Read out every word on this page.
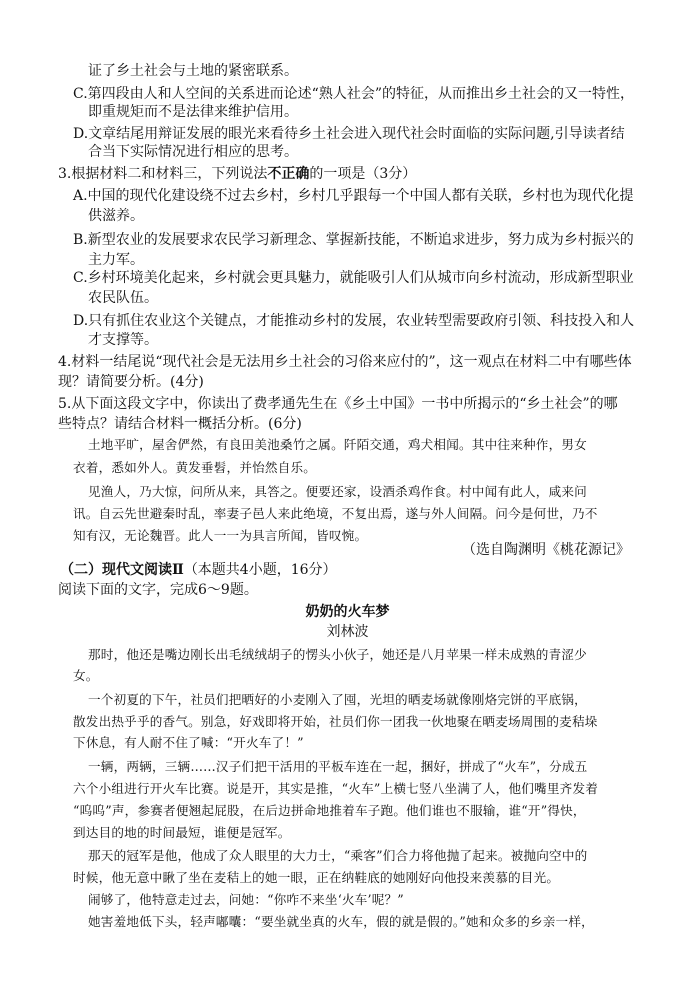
证了乡土社会与土地的紧密联系。
C.第四段由人和人空间的关系进而论述“熟人社会”的特征，从而推出乡土社会的又一特性，
即重规矩而不是法律来维护信用。
D.文章结尾用辩证发展的眼光来看待乡土社会进入现代社会时面临的实际问题,引导读者结
合当下实际情况进行相应的思考。
3.根据材料二和材料三，下列说法不正确的一项是（3分）
A.中国的现代化建设绕不过去乡村，乡村几乎跟每一个中国人都有关联，乡村也为现代化提
供滋养。
B.新型农业的发展要求农民学习新理念、掌握新技能，不断追求进步，努力成为乡村振兴的
主力军。
C.乡村环境美化起来，乡村就会更具魅力，就能吸引人们从城市向乡村流动，形成新型职业
农民队伍。
D.只有抓住农业这个关键点，才能推动乡村的发展，农业转型需要政府引领、科技投入和人
才支撑等。
4.材料一结尾说“现代社会是无法用乡土社会的习俗来应付的”，这一观点在材料二中有哪些体
现？请简要分析。(4分)
5.从下面这段文字中，你读出了费孝通先生在《乡土中国》一书中所揭示的“乡土社会”的哪
些特点？请结合材料一概括分析。(6分)
土地平旷，屋舍俨然，有良田美池桑竹之属。阡陌交通，鸡犬相闻。其中往来种作，男女
衣着，悉如外人。黄发垂髫，并怡然自乐。
见渔人，乃大惊，问所从来，具答之。便要还家，设酒杀鸡作食。村中闻有此人，咸来问
讯。自云先世避秦时乱，率妻子邑人来此绝境，不复出焉，遂与外人间隔。问今是何世，乃不
知有汉，无论魏晋。此人一一为具言所闻，皆叹惋。
（选自陶渊明《桃花源记》
（二）现代文阅读Ⅱ（本题共4小题，16分）
阅读下面的文字，完成6～9题。
奶奶的火车梦
刘林波
那时，他还是嘴边刚长出毛绒绒胡子的愣头小伙子，她还是八月苹果一样未成熟的青涩少
女。
一个初夏的下午，社员们把晒好的小麦刚入了囤，光坦的晒麦场就像刚烙完饼的平底锅，
散发出热乎乎的香气。别急，好戏即将开始，社员们你一团我一伙地聚在晒麦场周围的麦秸垛
下休息，有人耐不住了喊：“开火车了！”
一辆，两辆，三辆……汉子们把干活用的平板车连在一起，捆好，拼成了“火车”，分成五
六个小组进行开火车比赛。说是开，其实是推，“火车”上横七竖八坐满了人，他们嘴里齐发着
“呜呜”声，参赛者便翘起屁股，在后边拼命地推着车子跑。他们谁也不服输，谁“开”得快，
到达目的地的时间最短，谁便是冠军。
那天的冠军是他，他成了众人眼里的大力士，“乘客”们合力将他抛了起来。被抛向空中的
时候，他无意中瞅了坐在麦秸上的她一眼，正在纳鞋底的她刚好向他投来羡慕的目光。
闹够了，他特意走过去，问她：“你咋不来坐‘火车’呢？”
她害羞地低下头，轻声嘟囔：“要坐就坐真的火车，假的就是假的。”她和众多的乡亲一样，
